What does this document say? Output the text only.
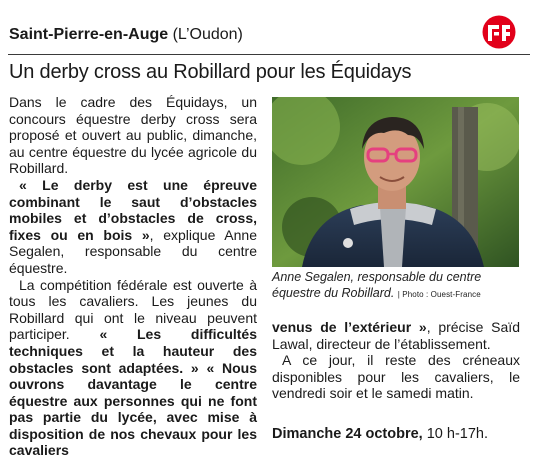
Saint-Pierre-en-Auge (L’Oudon)
Un derby cross au Robillard pour les Équidays

Dans le cadre des Équidays, un concours équestre derby cross sera proposé et ouvert au public, dimanche, au centre équestre du lycée agricole du Robillard.

« Le derby est une épreuve combinant le saut d’obstacles mobiles et d’obstacles de cross, fixes ou en bois », explique Anne Segalen, responsable du centre équestre.

La compétition fédérale est ouverte à tous les cavaliers. Les jeunes du Robillard qui ont le niveau peuvent participer. « Les difficultés techniques et la hauteur des obstacles sont adaptées. » « Nous ouvrons davantage le centre équestre aux personnes qui ne font pas partie du lycée, avec mise à disposition de nos chevaux pour les cavaliers

Anne Segalen, responsable du centre équestre du Robillard. | Photo : Ouest-France

venus de l’extérieur », précise Saïd Lawal, directeur de l’établissement.

A ce jour, il reste des créneaux disponibles pour les cavaliers, le vendredi soir et le samedi matin.

Dimanche 24 octobre, 10 h-17h.
